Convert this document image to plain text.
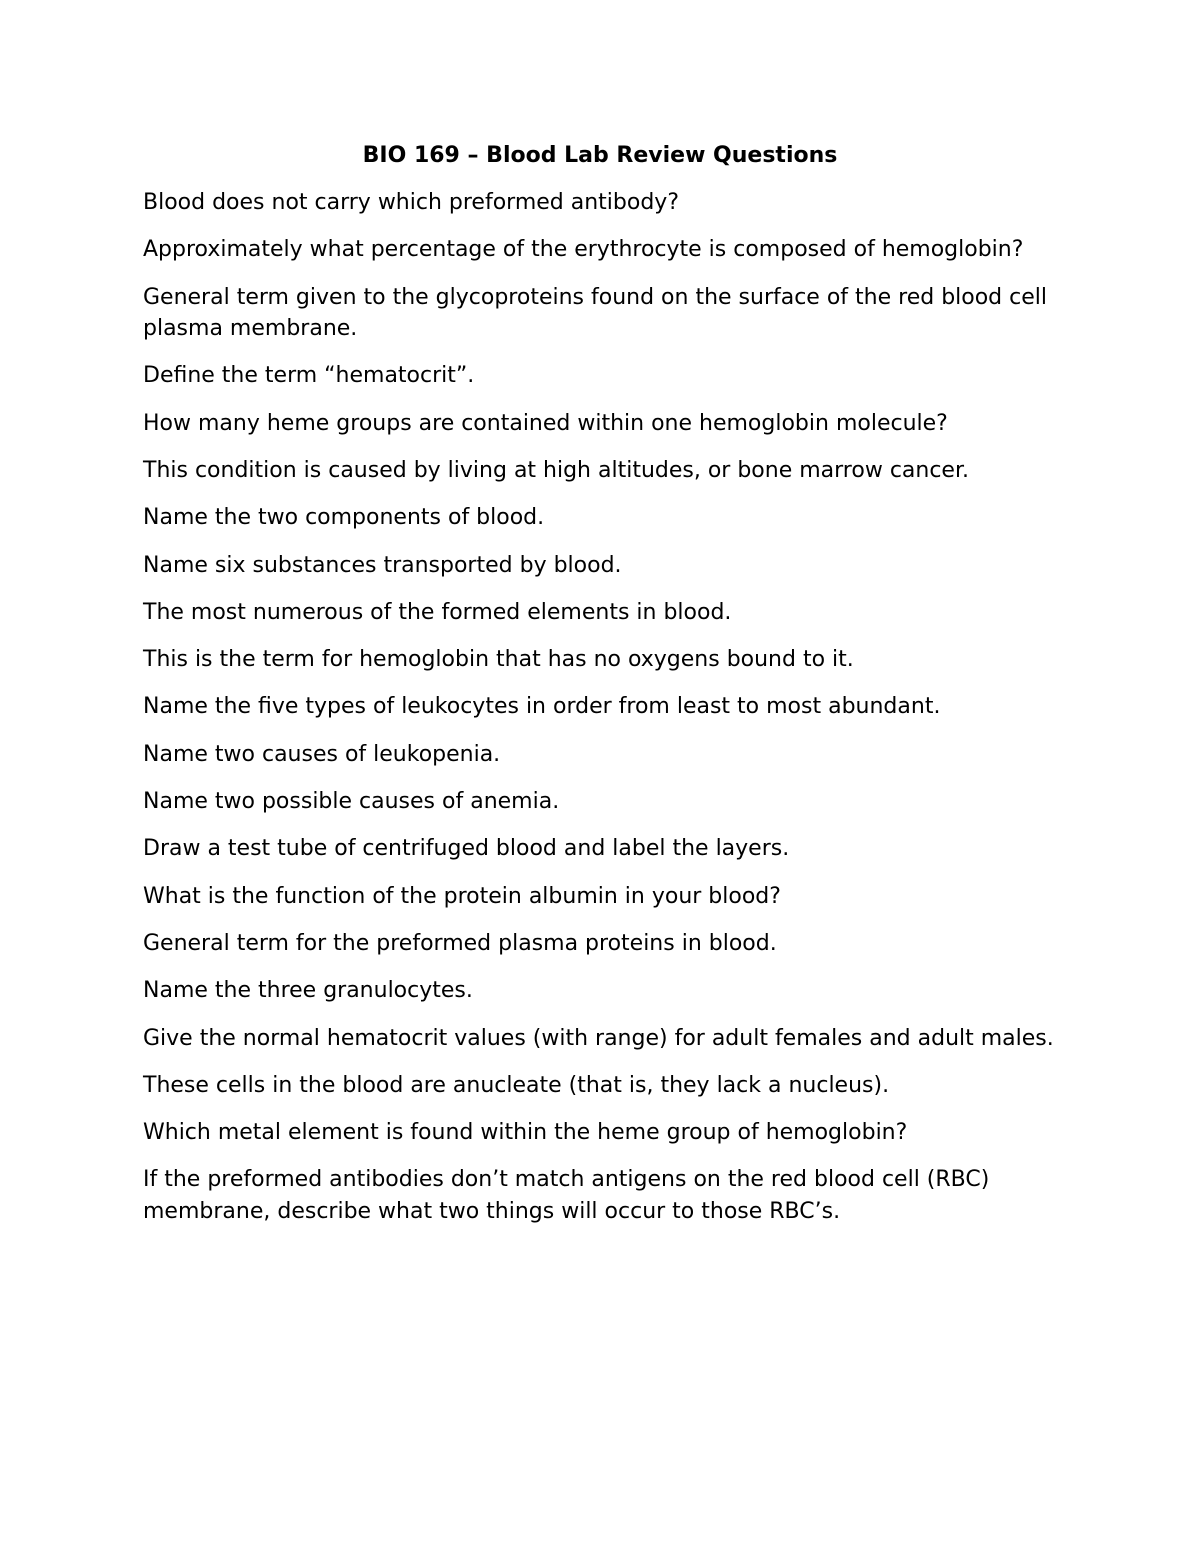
BIO 169 – Blood Lab Review Questions
Blood does not carry which preformed antibody?
Approximately what percentage of the erythrocyte is composed of hemoglobin?
General term given to the glycoproteins found on the surface of the red blood cell plasma membrane.
Define the term “hematocrit”.
How many heme groups are contained within one hemoglobin molecule?
This condition is caused by living at high altitudes, or bone marrow cancer.
Name the two components of blood.
Name six substances transported by blood.
The most numerous of the formed elements in blood.
This is the term for hemoglobin that has no oxygens bound to it.
Name the five types of leukocytes in order from least to most abundant.
Name two causes of leukopenia.
Name two possible causes of anemia.
Draw a test tube of centrifuged blood and label the layers.
What is the function of the protein albumin in your blood?
General term for the preformed plasma proteins in blood.
Name the three granulocytes.
Give the normal hematocrit values (with range) for adult females and adult males.
These cells in the blood are anucleate (that is, they lack a nucleus).
Which metal element is found within the heme group of hemoglobin?
If the preformed antibodies don’t match antigens on the red blood cell (RBC) membrane, describe what two things will occur to those RBC’s.
